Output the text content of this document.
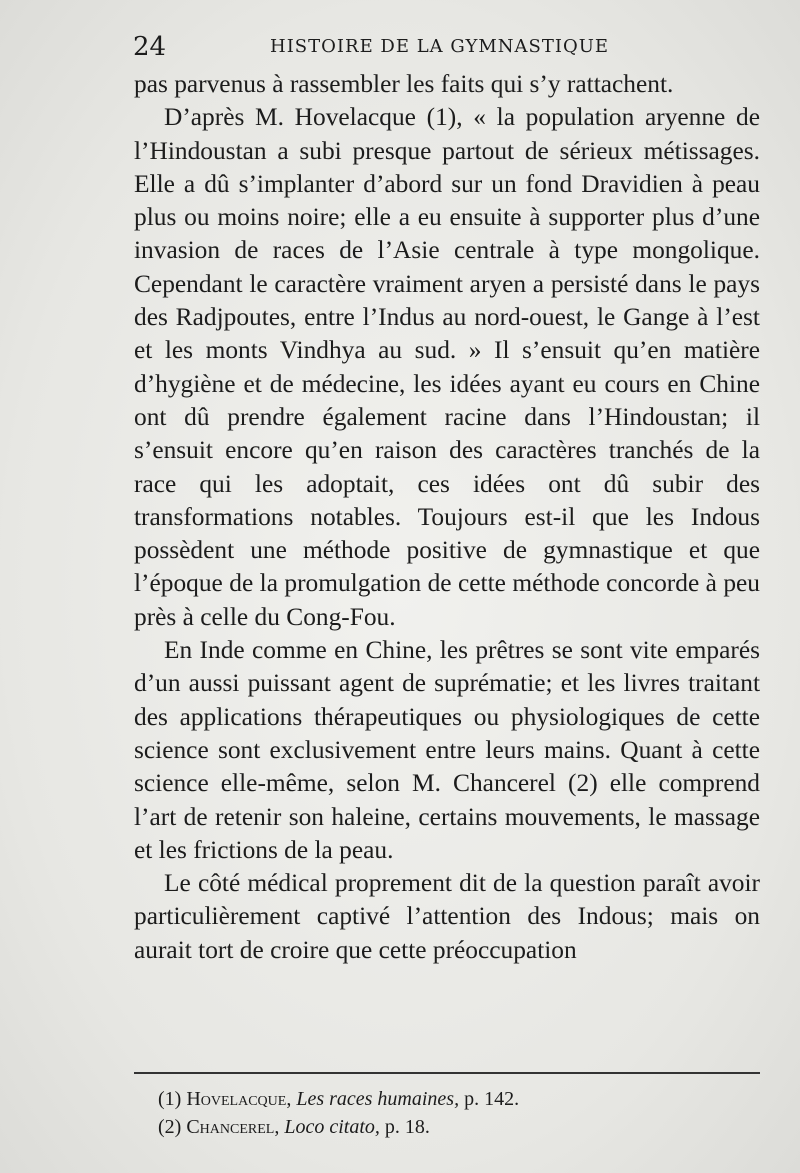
24	HISTOIRE DE LA GYMNASTIQUE

pas parvenus à rassembler les faits qui s’y rattachent.

D’après M. Hovelacque (1), « la population aryenne de l’Hindoustan a subi presque partout de sérieux métissages. Elle a dû s’implanter d’abord sur un fond Dravidien à peau plus ou moins noire; elle a eu ensuite à supporter plus d’une invasion de races de l’Asie centrale à type mongolique. Cependant le caractère vraiment aryen a persisté dans le pays des Radjpoutes, entre l’Indus au nord-ouest, le Gange à l’est et les monts Vindhya au sud. » Il s’ensuit qu’en matière d’hygiène et de médecine, les idées ayant eu cours en Chine ont dû prendre également racine dans l’Hindoustan; il s’ensuit encore qu’en raison des caractères tranchés de la race qui les adoptait, ces idées ont dû subir des transformations notables. Toujours est-il que les Indous possèdent une méthode positive de gymnastique et que l’époque de la promulgation de cette méthode concorde à peu près à celle du Cong-Fou.

En Inde comme en Chine, les prêtres se sont vite emparés d’un aussi puissant agent de suprématie; et les livres traitant des applications thérapeutiques ou physiologiques de cette science sont exclusivement entre leurs mains. Quant à cette science elle-même, selon M. Chancerel (2) elle comprend l’art de retenir son haleine, certains mouvements, le massage et les frictions de la peau.

Le côté médical proprement dit de la question paraît avoir particulièrement captivé l’attention des Indous; mais on aurait tort de croire que cette préoccupation

(1) Hovelacque, Les races humaines, p. 142.
(2) Chancerel, Loco citato, p. 18.
